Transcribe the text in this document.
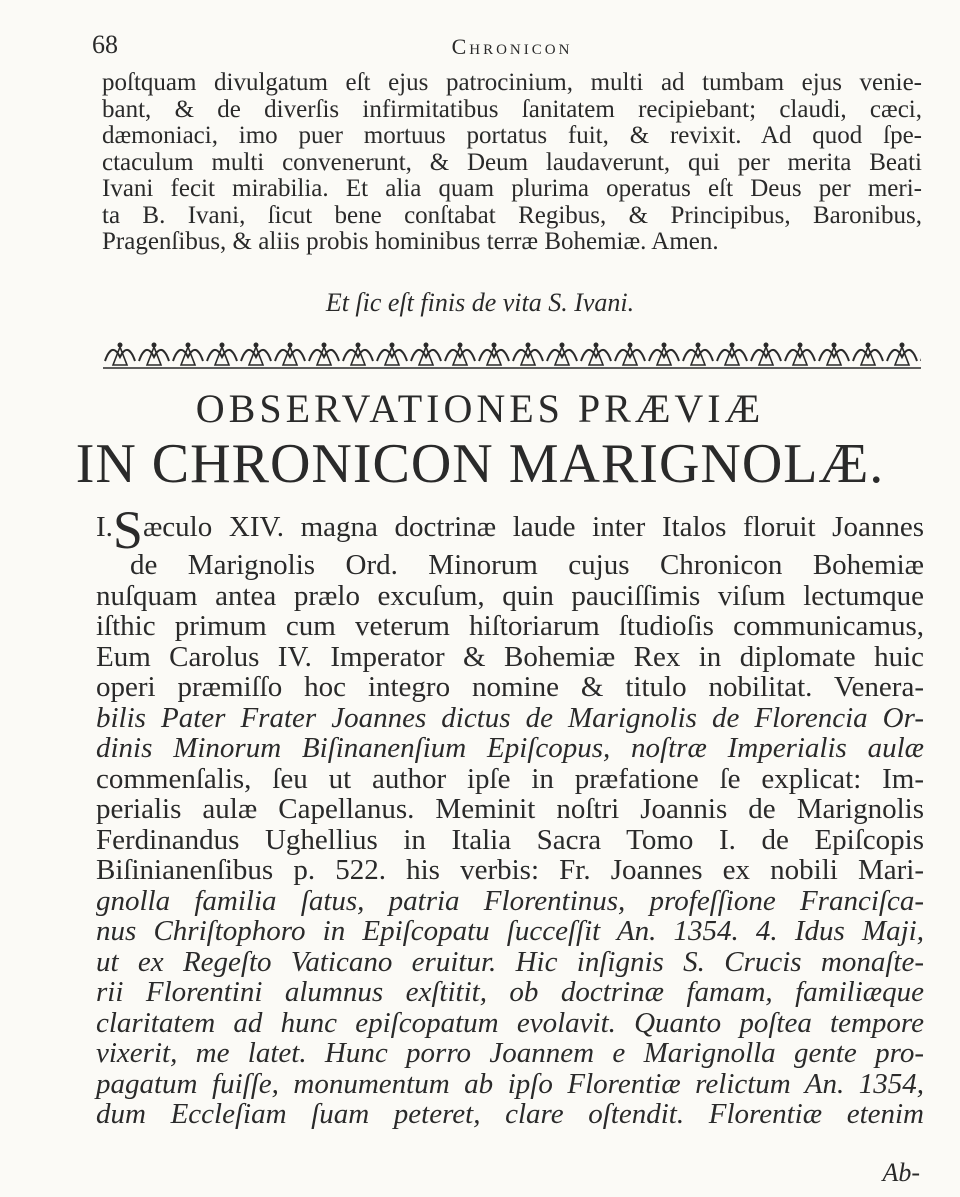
68	Chronicon
poſtquam divulgatum eſt ejus patrocinium, multi ad tumbam ejus venie-
bant, & de diverſis infirmitatibus ſanitatem recipiebant; claudi, cæci,
dæmoniaci, imo puer mortuus portatus fuit, & revixit. Ad quod ſpe-
ctaculum multi convenerunt, & Deum laudaverunt, qui per merita Beati
Ivani fecit mirabilia. Et alia quam plurima operatus eſt Deus per meri-
ta B. Ivani, ſicut bene conſtabat Regibus, & Principibus, Baronibus,
Pragenſibus, & aliis probis hominibus terræ Bohemiæ. Amen.
Et ſic eſt finis de vita S. Ivani.
OBSERVATIONES PRÆVIÆ
IN CHRONICON MARIGNOLÆ.
I.Sæculo XIV. magna doctrinæ laude inter Italos floruit Joannes
de Marignolis Ord. Minorum cujus Chronicon Bohemiæ
nuſquam antea prælo excuſum, quin pauciſſimis viſum lectumque
iſthic primum cum veterum hiſtoriarum ſtudioſis communicamus,
Eum Carolus IV. Imperator & Bohemiæ Rex in diplomate huic
operi præmiſſo hoc integro nomine & titulo nobilitat. Venera-
bilis Pater Frater Joannes dictus de Marignolis de Florencia Or-
dinis Minorum Biſinanenſium Epiſcopus, noſtræ Imperialis aulæ
commenſalis, ſeu ut author ipſe in præfatione ſe explicat: Im-
perialis aulæ Capellanus. Meminit noſtri Joannis de Marignolis
Ferdinandus Ughellius in Italia Sacra Tomo I. de Epiſcopis
Biſinianenſibus p. 522. his verbis: Fr. Joannes ex nobili Mari-
gnolla familia ſatus, patria Florentinus, profeſſione Franciſca-
nus Chriſtophoro in Epiſcopatu ſucceſſit An. 1354. 4. Idus Maji,
ut ex Regeſto Vaticano eruitur. Hic inſignis S. Crucis monaſte-
rii Florentini alumnus exſtitit, ob doctrinæ famam, familiæque
claritatem ad hunc epiſcopatum evolavit. Quanto poſtea tempore
vixerit, me latet. Hunc porro Joannem e Marignolla gente pro-
pagatum fuiſſe, monumentum ab ipſo Florentiæ relictum An. 1354,
dum Eccleſiam ſuam peteret, clare oſtendit. Florentiæ etenim
Ab-
